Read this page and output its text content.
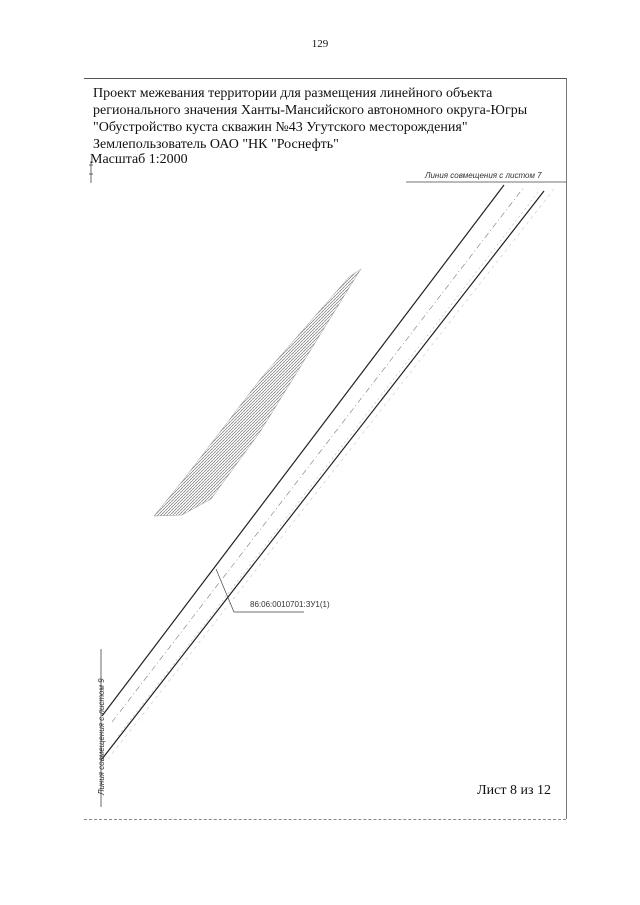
129
Проект межевания территории для размещения линейного объекта
регионального значения Ханты-Мансийского автономного округа-Югры
"Обустройство куста скважин №43 Угутского месторождения"
Землепользователь ОАО "НК "Роснефть"
Масштаб 1:2000
Линия совмещения с листом 7
Линия совмещения с листом 9
86:06:0010701:ЗУ1(1)
Лист 8 из 12
